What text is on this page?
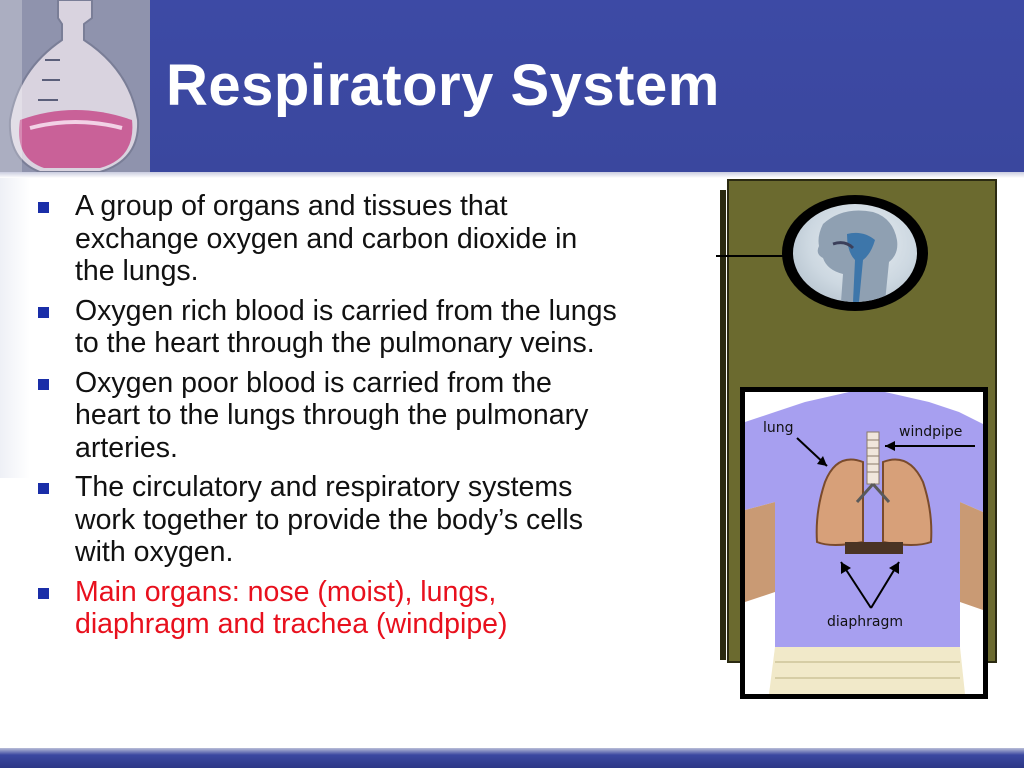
Respiratory System
A group of organs and tissues that exchange oxygen and carbon dioxide in the lungs.
Oxygen rich blood is carried from the lungs to the heart through the pulmonary veins.
Oxygen poor blood is carried from the heart to the lungs through the pulmonary arteries.
The circulatory and respiratory systems work together to provide the body’s cells with oxygen.
Main organs: nose (moist), lungs, diaphragm and trachea (windpipe)
lung	windpipe
diaphragm
